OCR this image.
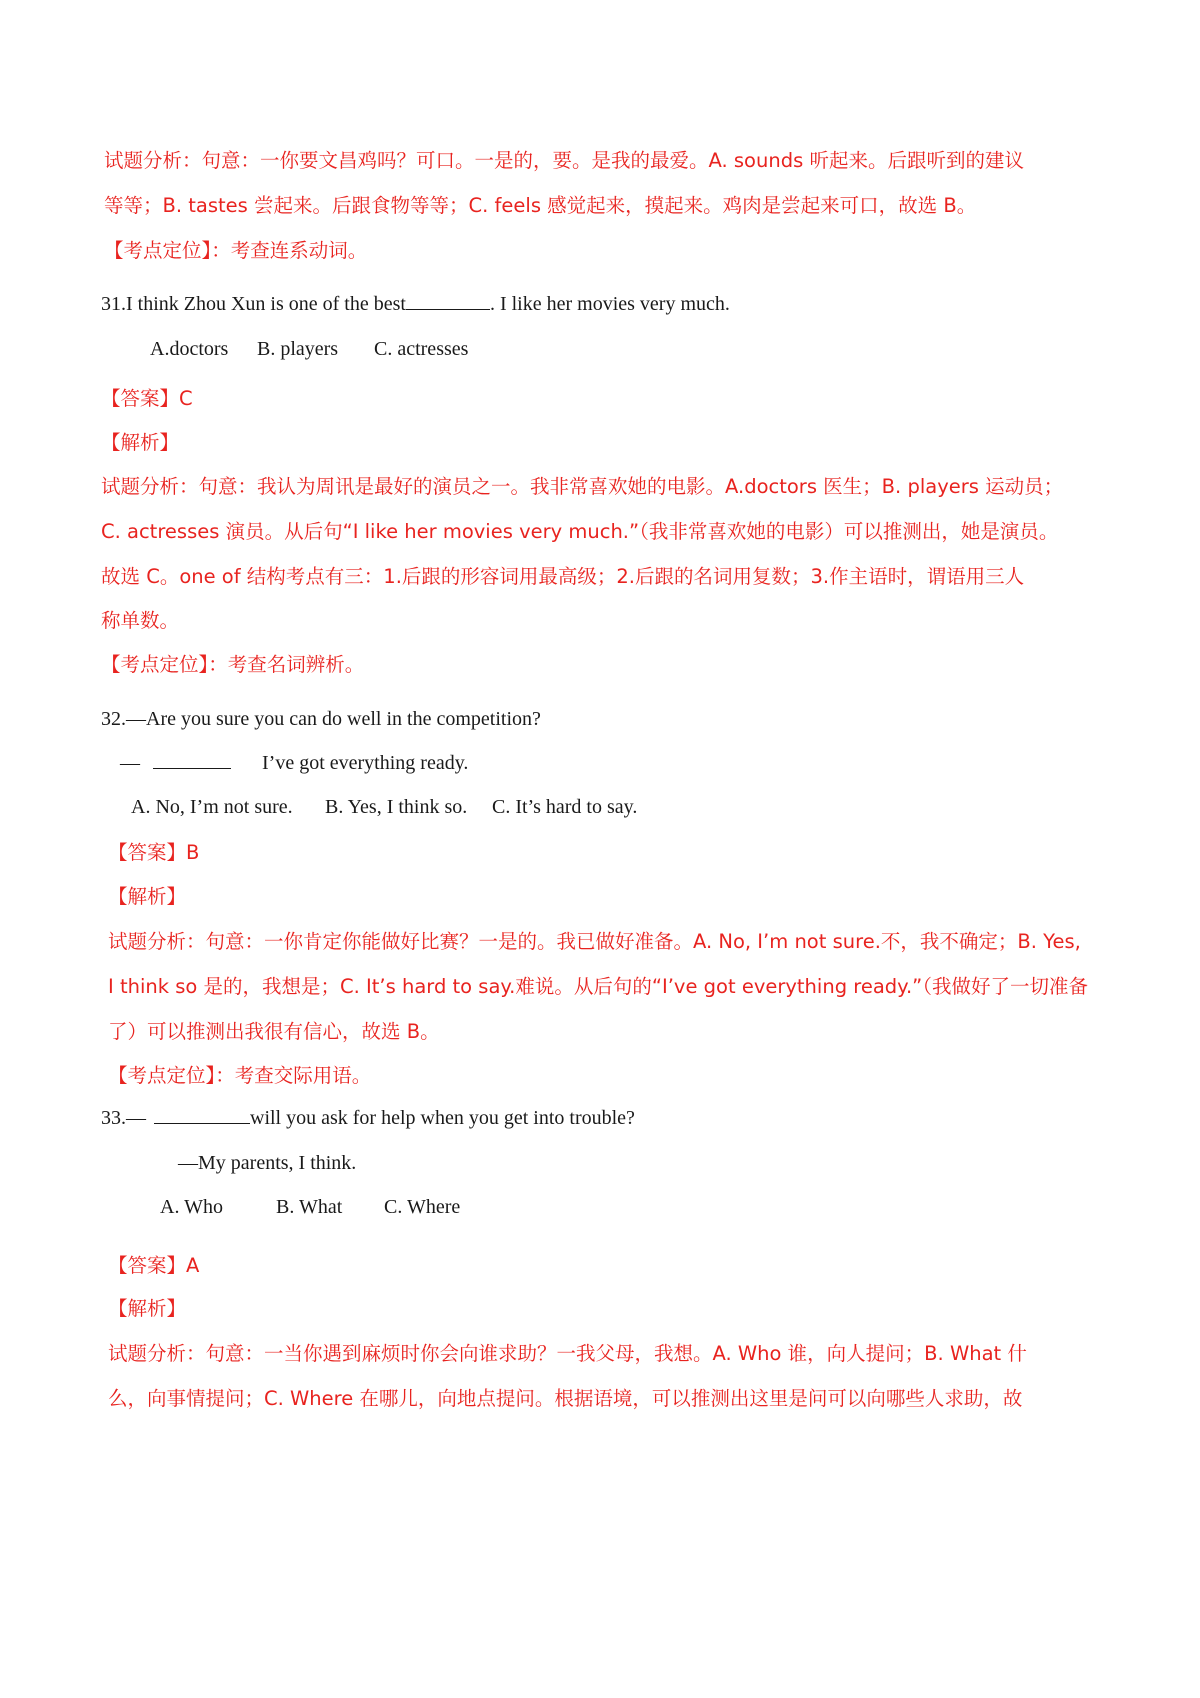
试题分析：句意：一你要文昌鸡吗？可口。一是的，要。是我的最爱。A. sounds 听起来。后跟听到的建议
等等；B. tastes 尝起来。后跟食物等等；C. feels 感觉起来，摸起来。鸡肉是尝起来可口，故选 B。
【考点定位】：考查连系动词。
31.I think Zhou Xun is one of the best	. I like her movies very much.
A.doctors B. players C. actresses
【答案】C
【解析】
试题分析：句意：我认为周讯是最好的演员之一。我非常喜欢她的电影。A.doctors 医生；B. players 运动员；
C. actresses 演员。从后句“I like her movies very much.”（我非常喜欢她的电影）可以推测出，她是演员。
故选 C。one of 结构考点有三：1.后跟的形容词用最高级；2.后跟的名词用复数；3.作主语时，谓语用三人
称单数。
【考点定位】：考查名词辨析。
32.—Are you sure you can do well in the competition?
—	I’ve got everything ready.
A. No, I’m not sure. B. Yes, I think so. C. It’s hard to say.
【答案】B
【解析】
试题分析：句意：一你肯定你能做好比赛？一是的。我已做好准备。A. No, I’m not sure.不，我不确定；B. Yes,
I think so 是的，我想是；C. It’s hard to say.难说。从后句的“I’ve got everything ready.”（我做好了一切准备
了）可以推测出我很有信心，故选 B。
【考点定位】：考查交际用语。
33.—	will you ask for help when you get into trouble?
—My parents, I think.
A. Who	B. What C. Where
【答案】A
【解析】
试题分析：句意：一当你遇到麻烦时你会向谁求助？一我父母，我想。A. Who 谁，向人提问；B. What 什
么，向事情提问；C. Where 在哪儿，向地点提问。根据语境，可以推测出这里是问可以向哪些人求助，故
